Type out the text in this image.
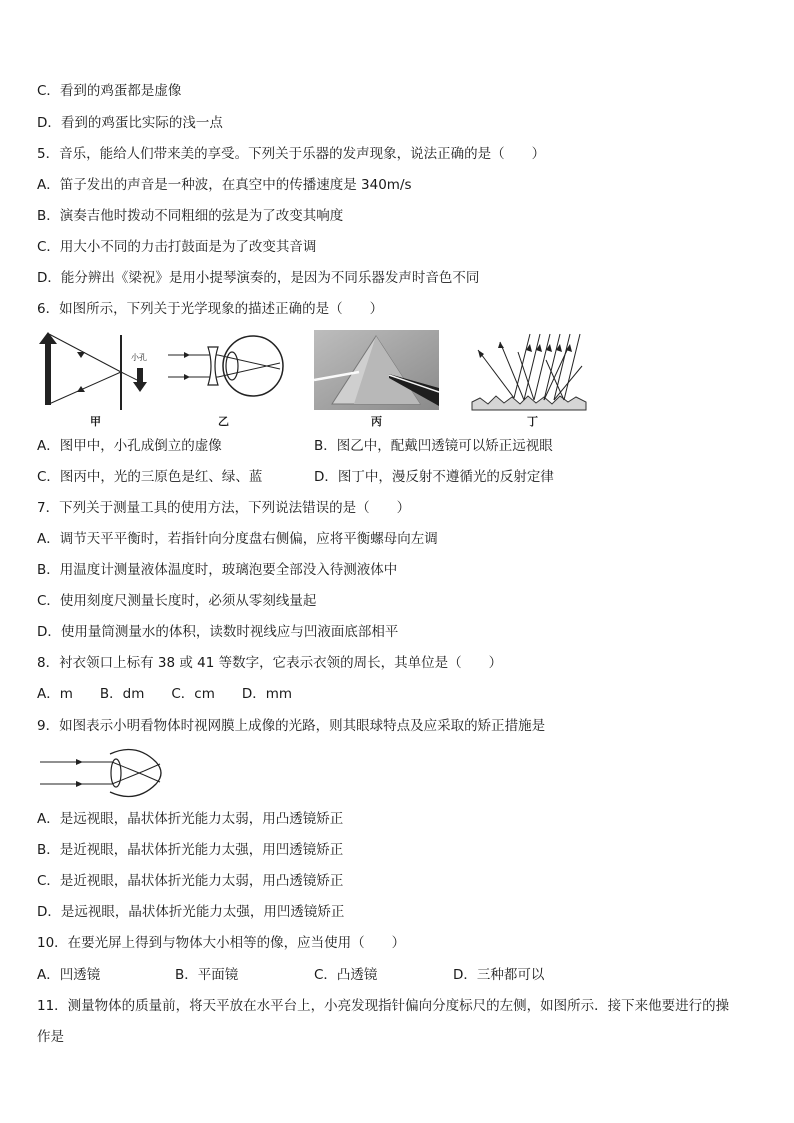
C．看到的鸡蛋都是虚像
D．看到的鸡蛋比实际的浅一点
5．音乐，能给人们带来美的享受。下列关于乐器的发声现象，说法正确的是（　　）
A．笛子发出的声音是一种波，在真空中的传播速度是 340m/s
B．演奏吉他时拨动不同粗细的弦是为了改变其响度
C．用大小不同的力击打鼓面是为了改变其音调
D．能分辨出《梁祝》是用小提琴演奏的，是因为不同乐器发声时音色不同
6．如图所示，下列关于光学现象的描述正确的是（　　）
小孔
甲	乙	丙	丁
A．图甲中，小孔成倒立的虚像	B．图乙中，配戴凹透镜可以矫正远视眼
C．图丙中，光的三原色是红、绿、蓝	D．图丁中，漫反射不遵循光的反射定律
7．下列关于测量工具的使用方法，下列说法错误的是（　　）
A．调节天平平衡时，若指针向分度盘右侧偏，应将平衡螺母向左调
B．用温度计测量液体温度时，玻璃泡要全部没入待测液体中
C．使用刻度尺测量长度时，必须从零刻线量起
D．使用量筒测量水的体积，读数时视线应与凹液面底部相平
8．衬衣领口上标有 38 或 41 等数字，它表示衣领的周长，其单位是（　　）
A．m　　B．dm　　C．cm　　D．mm
9．如图表示小明看物体时视网膜上成像的光路，则其眼球特点及应采取的矫正措施是
A．是远视眼，晶状体折光能力太弱，用凸透镜矫正
B．是近视眼，晶状体折光能力太强，用凹透镜矫正
C．是近视眼，晶状体折光能力太弱，用凸透镜矫正
D．是远视眼，晶状体折光能力太强，用凹透镜矫正
10．在要光屏上得到与物体大小相等的像，应当使用（　　）
A．凹透镜	B．平面镜	C．凸透镜	D．三种都可以
11．测量物体的质量前，将天平放在水平台上，小亮发现指针偏向分度标尺的左侧，如图所示．接下来他要进行的操
作是
